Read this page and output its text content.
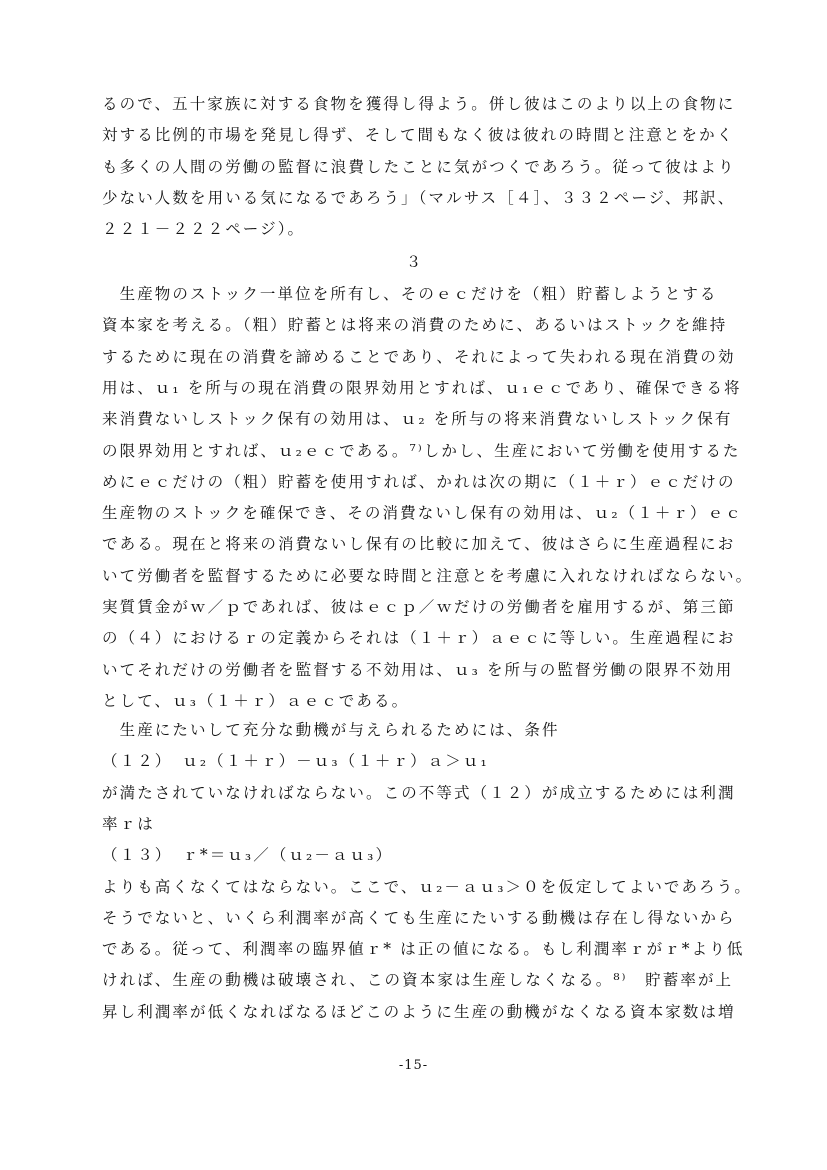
るので、五十家族に対する食物を獲得し得よう。併し彼はこのより以上の食物に
対する比例的市場を発見し得ず、そして間もなく彼は彼れの時間と注意とをかく
も多くの人間の労働の監督に浪費したことに気がつくであろう。従って彼はより
少ない人数を用いる気になるであろう」（マルサス［４］、３３２ページ、邦訳、
２２１－２２２ページ）。
３
　生産物のストック一単位を所有し、そのｅｃだけを（粗）貯蓄しようとする
資本家を考える。（粗）貯蓄とは将来の消費のために、あるいはストックを維持
するために現在の消費を諦めることであり、それによって失われる現在消費の効
用は、ｕ₁ を所与の現在消費の限界効用とすれば、ｕ₁ｅｃであり、確保できる将
来消費ないしストック保有の効用は、ｕ₂ を所与の将来消費ないしストック保有
の限界効用とすれば、ｕ₂ｅｃである。⁷⁾しかし、生産において労働を使用するた
めにｅｃだけの（粗）貯蓄を使用すれば、かれは次の期に（１＋ｒ）ｅｃだけの
生産物のストックを確保でき、その消費ないし保有の効用は、ｕ₂（１＋ｒ）ｅｃ
である。現在と将来の消費ないし保有の比較に加えて、彼はさらに生産過程にお
いて労働者を監督するために必要な時間と注意とを考慮に入れなければならない。
実質賃金がｗ／ｐであれば、彼はｅｃｐ／ｗだけの労働者を雇用するが、第三節
の（４）におけるｒの定義からそれは（１＋ｒ）ａｅｃに等しい。生産過程にお
いてそれだけの労働者を監督する不効用は、ｕ₃ を所与の監督労働の限界不効用
として、ｕ₃（１＋ｒ）ａｅｃである。
　生産にたいして充分な動機が与えられるためには、条件
（１２）　ｕ₂（１＋ｒ）－ｕ₃（１＋ｒ）ａ＞ｕ₁
が満たされていなければならない。この不等式（１２）が成立するためには利潤
率ｒは
（１３）　ｒ*＝ｕ₃／（ｕ₂－ａｕ₃）
よりも高くなくてはならない。ここで、ｕ₂－ａｕ₃＞０を仮定してよいであろう。
そうでないと、いくら利潤率が高くても生産にたいする動機は存在し得ないから
である。従って、利潤率の臨界値ｒ* は正の値になる。もし利潤率ｒがｒ*より低
ければ、生産の動機は破壊され、この資本家は生産しなくなる。⁸⁾　貯蓄率が上
昇し利潤率が低くなればなるほどこのように生産の動機がなくなる資本家数は増
-15-
